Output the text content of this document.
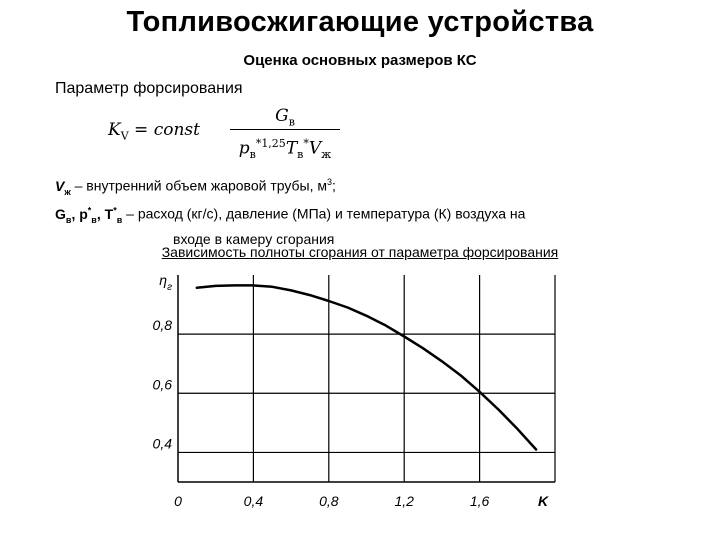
Топливосжигающие устройства
Оценка основных размеров КС
Параметр форсирования
$K_V$ = const
$G_в$
$p_в^{*1,25}T_в^*V_ж$
$V_ж$ – внутренний объем жаровой трубы, $м^3$;
$G_в$, $p^*_в$, $T^*_в$ – расход (кг/с), давление (МПа) и температура (К) воздуха на
входе в камеру сгорания
Зависимость полноты сгорания от параметра форсирования
0	0,4	0,8	1,2	1,6	K
0,4
0,6
0,8
$\eta_г$
